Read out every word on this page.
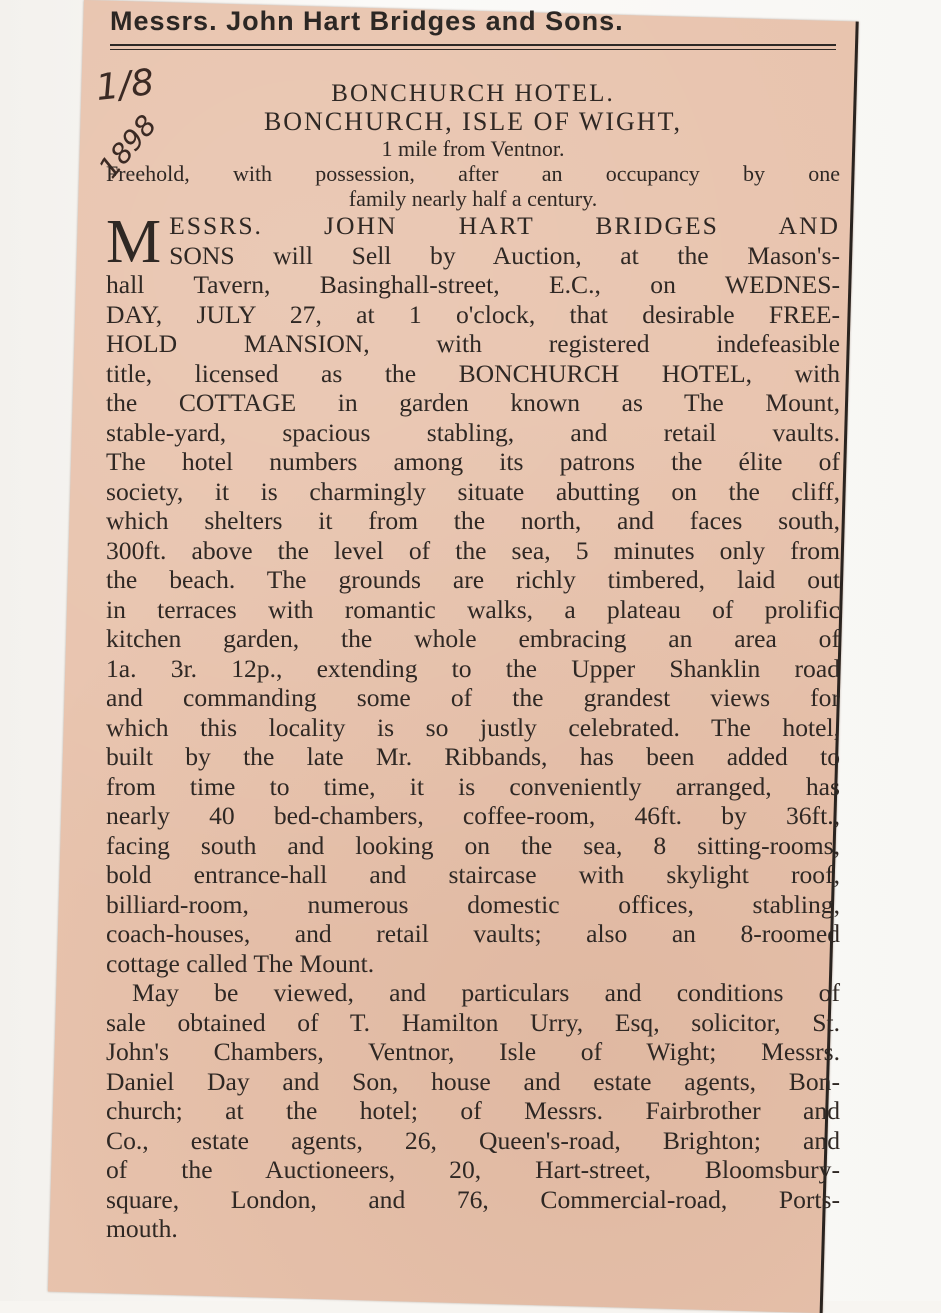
Messrs. John Hart Bridges and Sons.
1/8
1898

BONCHURCH HOTEL.

BONCHURCH, ISLE OF WIGHT,

1 mile from Ventnor.

Freehold, with possession, after an occupancy by one

family nearly half a century.

M ESSRS. JOHN HART BRIDGES AND
SONS will Sell by Auction, at the Mason's-
hall Tavern, Basinghall-street, E.C., on WEDNES-
DAY, JULY 27, at 1 o'clock, that desirable FREE-
HOLD MANSION, with registered indefeasible
title, licensed as the BONCHURCH HOTEL, with
the COTTAGE in garden known as The Mount,
stable-yard, spacious stabling, and retail vaults.
The hotel numbers among its patrons the élite of
society, it is charmingly situate abutting on the cliff,
which shelters it from the north, and faces south,
300ft. above the level of the sea, 5 minutes only from
the beach. The grounds are richly timbered, laid out
in terraces with romantic walks, a plateau of prolific
kitchen garden, the whole embracing an area of
1a. 3r. 12p., extending to the Upper Shanklin road
and commanding some of the grandest views for
which this locality is so justly celebrated. The hotel,
built by the late Mr. Ribbands, has been added to
from time to time, it is conveniently arranged, has
nearly 40 bed-chambers, coffee-room, 46ft. by 36ft.,
facing south and looking on the sea, 8 sitting-rooms,
bold entrance-hall and staircase with skylight roof,
billiard-room, numerous domestic offices, stabling,
coach-houses, and retail vaults; also an 8-roomed
cottage called The Mount.
May be viewed, and particulars and conditions of
sale obtained of T. Hamilton Urry, Esq, solicitor, St.
John's Chambers, Ventnor, Isle of Wight; Messrs.
Daniel Day and Son, house and estate agents, Bon-
church; at the hotel; of Messrs. Fairbrother and
Co., estate agents, 26, Queen's-road, Brighton; and
of the Auctioneers, 20, Hart-street, Bloomsbury-
square, London, and 76, Commercial-road, Ports-
